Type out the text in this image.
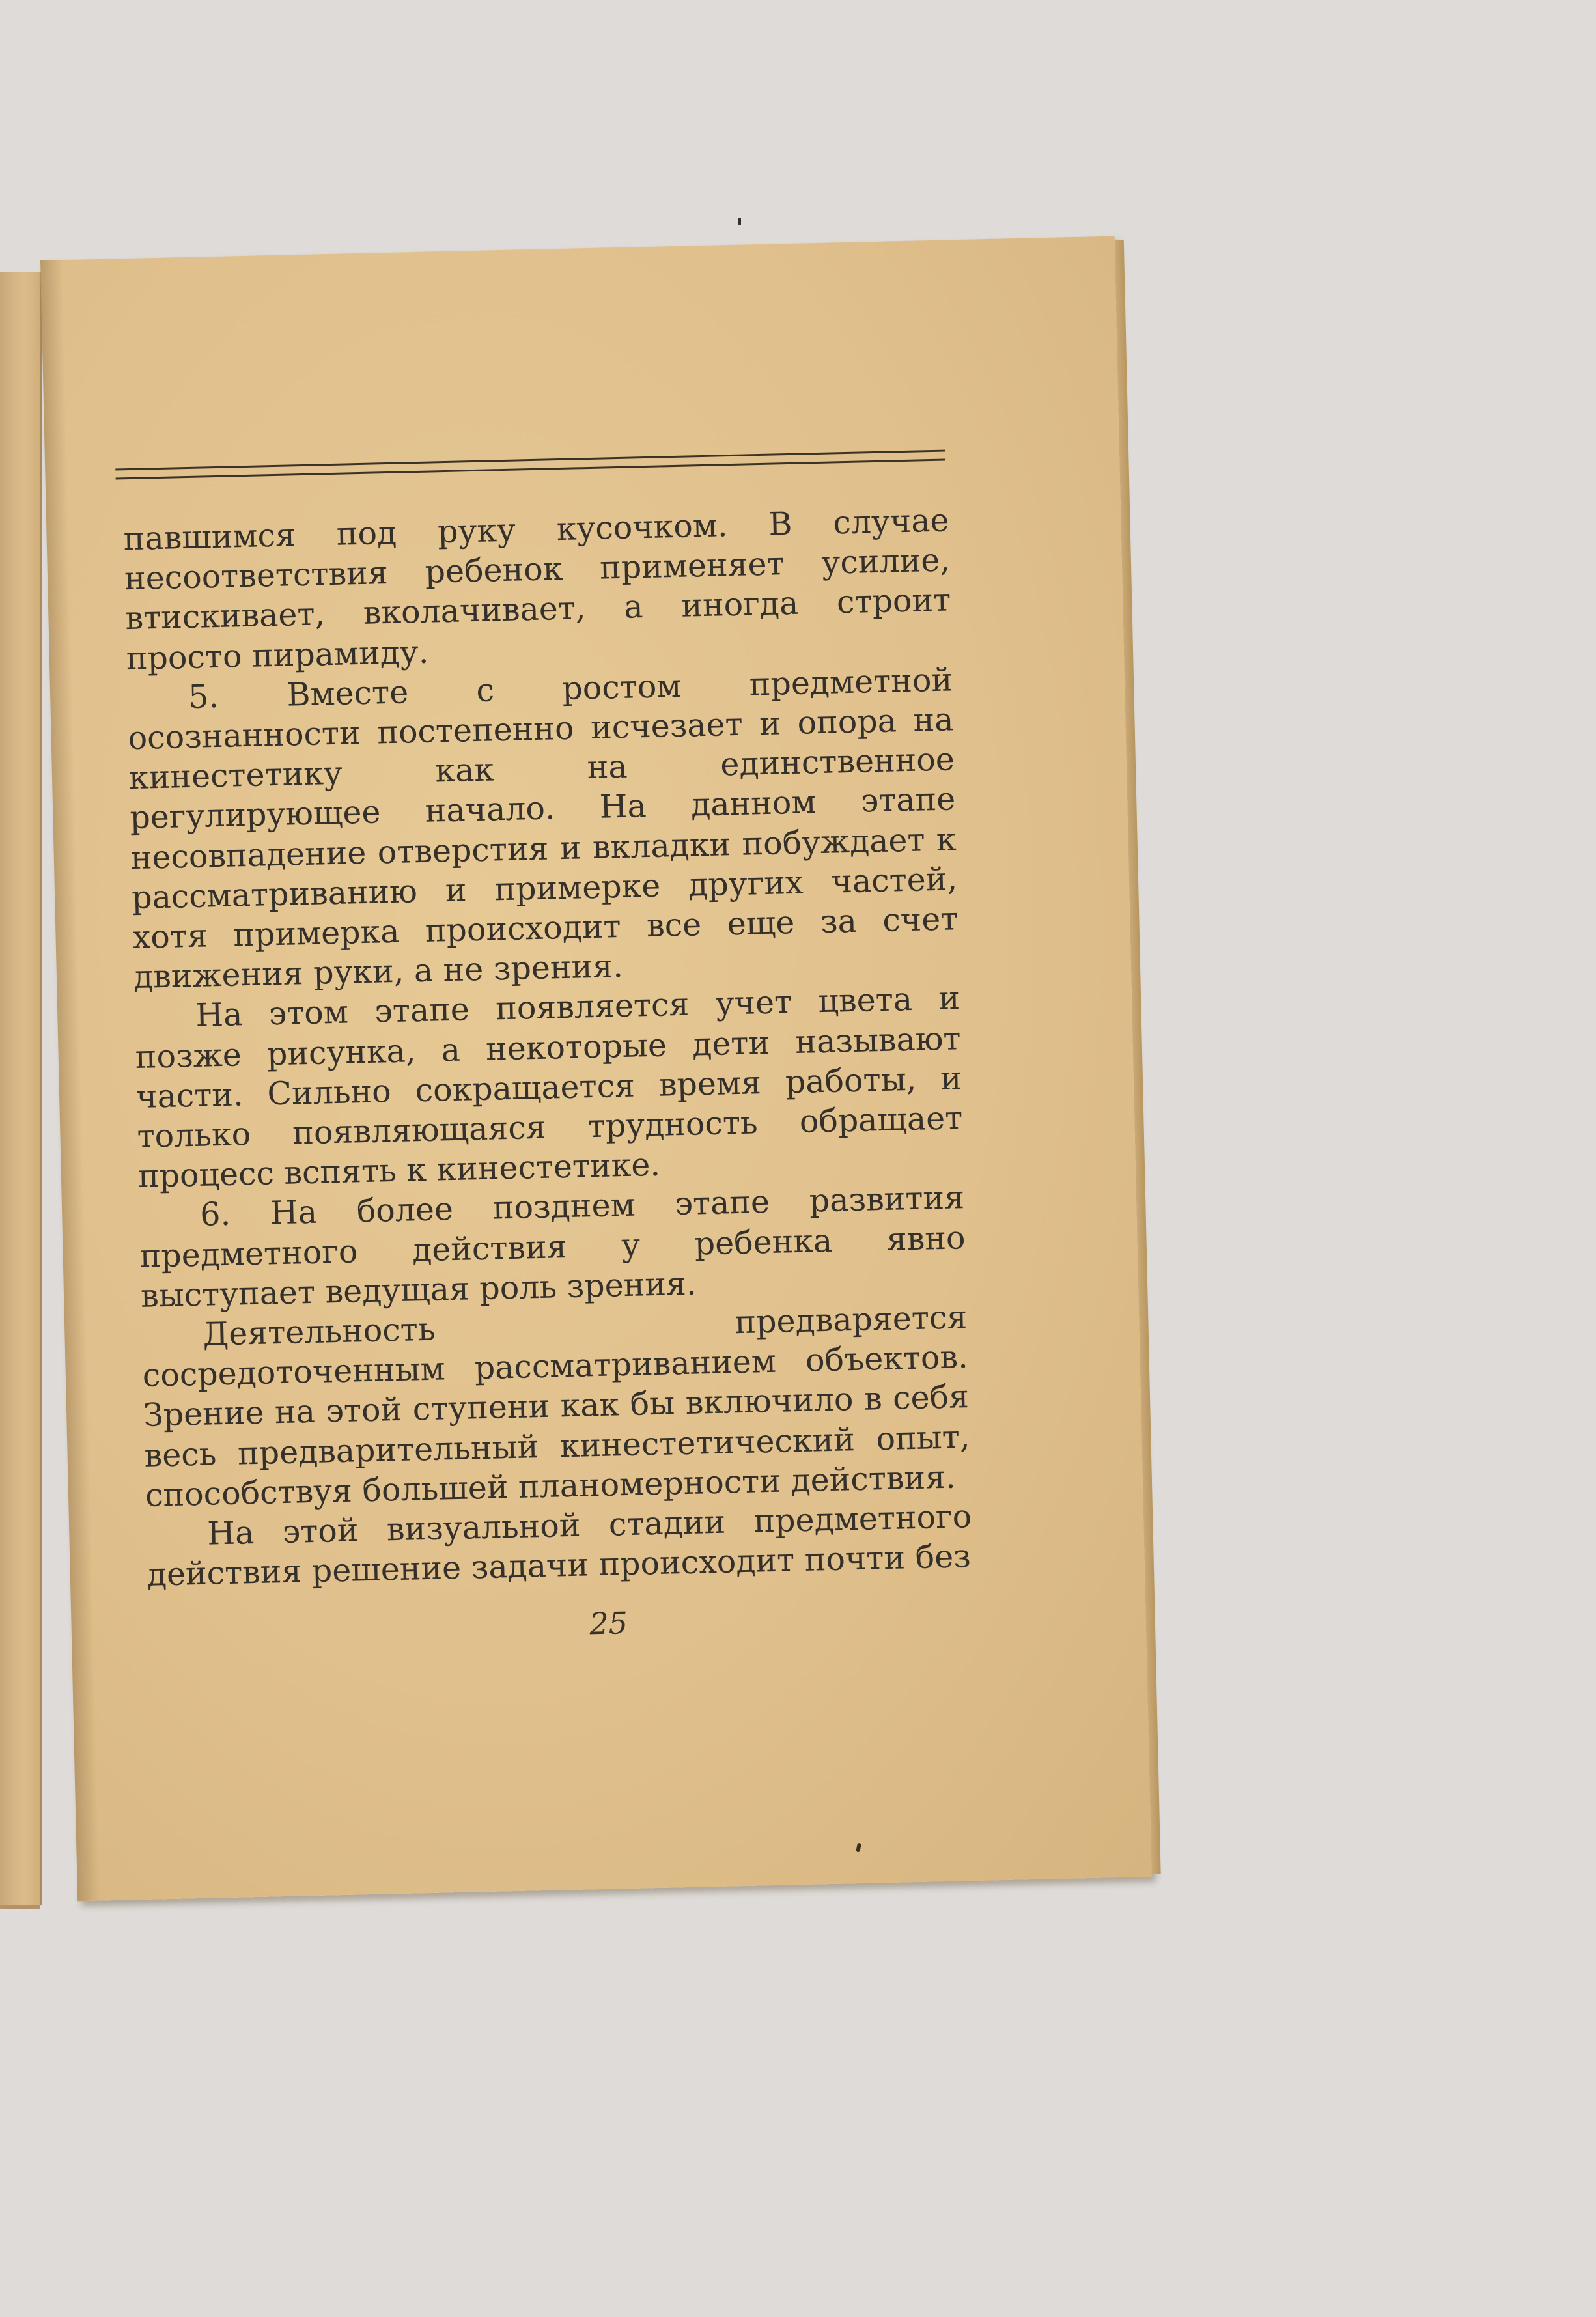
павшимся под руку кусочком. В случае несоответствия ребенок применяет усилие, втискивает, вколачивает, а иногда строит просто пирамиду.

5. Вместе с ростом предметной осознанности постепенно исчезает и опора на кинестетику как на единственное регулирующее начало. На данном этапе несовпадение отверстия и вкладки побуждает к рассматриванию и примерке других частей, хотя примерка происходит все еще за счет движения руки, а не зрения.

На этом этапе появляется учет цвета и позже рисунка, а некоторые дети называют части. Сильно сокращается время работы, и только появляющаяся трудность обращает процесс вспять к кинестетике.

6. На более позднем этапе развития предметного действия у ребенка явно выступает ведущая роль зрения.

Деятельность предваряется сосредоточенным рассматриванием объектов. Зрение на этой ступени как бы включило в себя весь предварительный кинестетический опыт, способствуя большей планомерности действия.

На этой визуальной стадии предметного действия решение задачи происходит почти без

25
